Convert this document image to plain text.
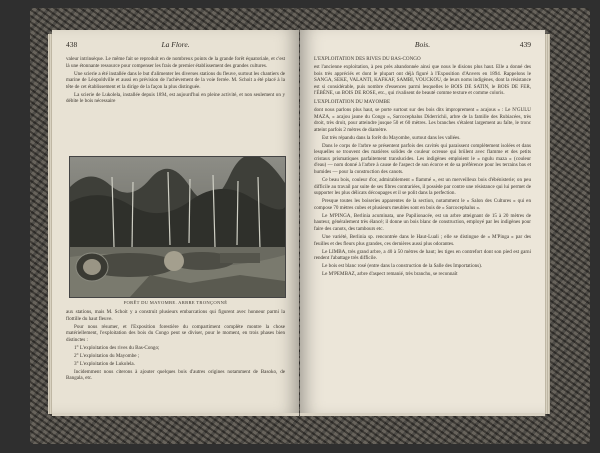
438	La Flore.

valeur intrinsèque. Le même fait se reproduit en de nombreux points de la grande forêt équatoriale, et c'est là une étonnante ressource pour compenser les frais de premier établissement des grandes cultures.

Une scierie a été installée dans le but d'alimenter les diverses stations du fleuve, surtout les chantiers de marine de Léopoldville et aussi en prévision de l'achèvement de la voie ferrée. M. Schoit a été placé à la tête de cet établissement et la dirige de la façon la plus distinguée.

La scierie de Lukolela, installée depuis 1894, est aujourd'hui en pleine activité, et non seulement on y débite le bois nécessaire

FORÊT DU MAYOMBE. ARBRE TRONÇONNÉ

aux stations, mais M. Schoit y a construit plusieurs embarcations qui figurent avec honneur parmi la flottille du haut fleuve.

Pour nous résumer, et l'Exposition forestière du compartiment complète montre la chose matériellement, l'exploitation des bois du Congo peut se diviser, pour le moment, en trois phases bien distinctes :

1° L'exploitation des rives du Bas-Congo;

2° L'exploitation du Mayombe ;

3° L'exploitation de Lukolela.

Incidemment nous citerons à ajouter quelques bois d'autres origines notamment de Basoko, de Bangala, etc.

Bois.	439

L'EXPLOITATION DES RIVES DU BAS-CONGO

est l'ancienne exploitation, à peu près abandonnée ainsi que nous le disions plus haut. Elle a donné des bois très appréciés et dont le plupart ont déjà figuré à l'Exposition d'Anvers en 1894. Rappelons le SANGA, SEKE, VALANTI, KAFKAF, SAMBI, VOUCKOU, de leurs noms indigènes, dont la résistance est si considérable, puis nombre d'essences parmi lesquelles le BOIS DE SATIN, le BOIS DE FER, l'ÉBÈNE, un BOIS DE ROSE, etc., qui rivalisent de beauté comme texture et comme coloris.

L'EXPLOITATION DU MAYOMBE

dont nous parlons plus haut, se porte surtout sur des bois dits improprement « acajous » : Le N'GULU MAZA, « acajou jaune du Congo », Sarcocephalus Diderrichii, arbre de la famille des Rubiacées, très droit, très droit, pour atteindre jusque 50 et 60 mètres. Les branches s'étalent largement au faîte, le tronc atteint parfois 2 mètres de diamètre.

Est très répandu dans la forêt du Mayombe, surtout dans les vallées.

Dans le corps de l'arbre se présentent parfois des cavités qui paraissent complètement isolées et dans lesquelles se trouvent des matières solides de couleur ocreuse qui brûlent avec flamme et des petits cristaux prismatiques parfaitement translucides. Les indigènes emploient le « ngulu maza » (couleur d'eau) — nom donné à l'arbre à cause de l'aspect de son écorce et de sa préférence pour les terrains bas et humides — pour la construction des canots.

Ce beau bois, couleur d'or, admirablement « flammé », est un merveilleux bois d'ébénisterie; on peu difficile au travail par suite de ses fibres contrariées, il possède par contre une résistance qui lui permet de supporter les plus délicats découpages et il se polit dans la perfection.

Presque toutes les boiseries apparentes de la section, notamment le « Salon des Cultures » qui en compose 70 mètres cubes et plusieurs meubles sont en bois de « Sarcocephalus ».

Le M'PINGA, Berlinia acuminata, une Papilionacée, est un arbre atteignant de 15 à 20 mètres de hauteur, généralement très élancé; il donne un bois blanc de construction, employé par les indigènes pour faire des canots, des tambours etc.

Une variété, Berlinia sp. rencontrée dans le Haut-Luali ; elle se distingue de « M'Pinga » par des feuilles et des fleurs plus grandes, ces dernières aussi plus odorantes.

Le LIMBA, très grand arbre, a 40 à 50 mètres de haut; les tiges en contrefort dont son pied est garni rendent l'abattage très difficile.

Le bois est blanc rosé (entre dans la construction de la Salle des Importations).

Le M'PEMBAZ, arbre d'aspect remanié, très branchu, se reconnaît
